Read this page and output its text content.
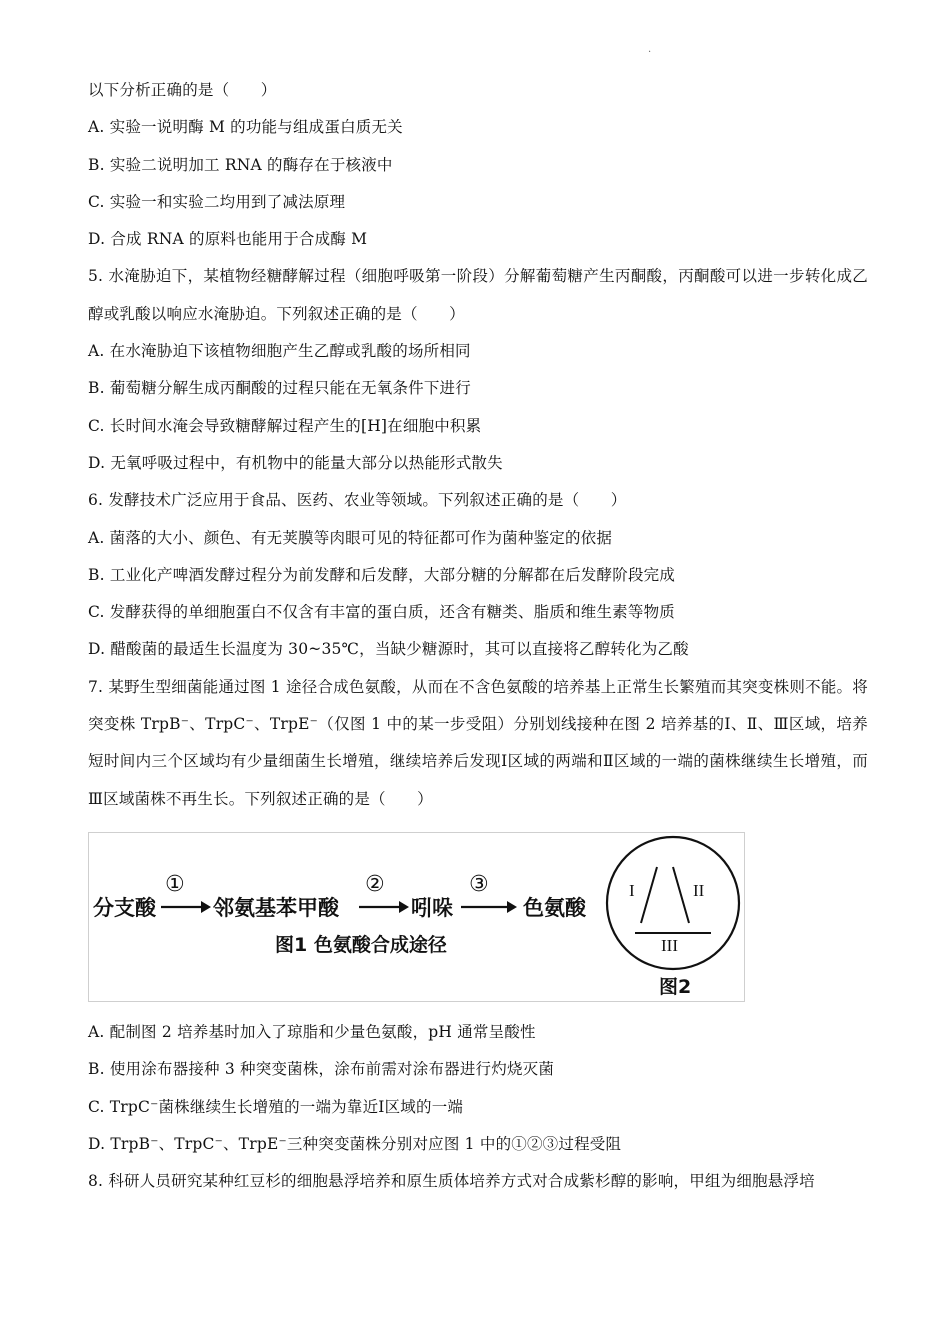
.
以下分析正确的是（　　）
A. 实验一说明酶 M 的功能与组成蛋白质无关
B. 实验二说明加工 RNA 的酶存在于核液中
C. 实验一和实验二均用到了减法原理
D. 合成 RNA 的原料也能用于合成酶 M
5. 水淹胁迫下，某植物经糖酵解过程（细胞呼吸第一阶段）分解葡萄糖产生丙酮酸，丙酮酸可以进一步转化成乙醇或乳酸以响应水淹胁迫。下列叙述正确的是（　　）
A. 在水淹胁迫下该植物细胞产生乙醇或乳酸的场所相同
B. 葡萄糖分解生成丙酮酸的过程只能在无氧条件下进行
C. 长时间水淹会导致糖酵解过程产生的[H]在细胞中积累
D. 无氧呼吸过程中，有机物中的能量大部分以热能形式散失
6. 发酵技术广泛应用于食品、医药、农业等领域。下列叙述正确的是（　　）
A. 菌落的大小、颜色、有无荚膜等肉眼可见的特征都可作为菌种鉴定的依据
B. 工业化产啤酒发酵过程分为前发酵和后发酵，大部分糖的分解都在后发酵阶段完成
C. 发酵获得的单细胞蛋白不仅含有丰富的蛋白质，还含有糖类、脂质和维生素等物质
D. 醋酸菌的最适生长温度为 30~35℃，当缺少糖源时，其可以直接将乙醇转化为乙酸
7. 某野生型细菌能通过图 1 途径合成色氨酸，从而在不含色氨酸的培养基上正常生长繁殖而其突变株则不能。将突变株 TrpB⁻、TrpC⁻、TrpE⁻（仅图 1 中的某一步受阻）分别划线接种在图 2 培养基的Ⅰ、Ⅱ、Ⅲ区域，培养短时间内三个区域均有少量细菌生长增殖，继续培养后发现Ⅰ区域的两端和Ⅱ区域的一端的菌株继续生长增殖，而Ⅲ区域菌株不再生长。下列叙述正确的是（　　）
分支酸
①
邻氨基苯甲酸
②
吲哚
③
色氨酸
图1 色氨酸合成途径
I	II
III
图2
A. 配制图 2 培养基时加入了琼脂和少量色氨酸，pH 通常呈酸性
B. 使用涂布器接种 3 种突变菌株，涂布前需对涂布器进行灼烧灭菌
C. TrpC⁻菌株继续生长增殖的一端为靠近Ⅰ区域的一端
D. TrpB⁻、TrpC⁻、TrpE⁻三种突变菌株分别对应图 1 中的①②③过程受阻
8. 科研人员研究某种红豆杉的细胞悬浮培养和原生质体培养方式对合成紫杉醇的影响，甲组为细胞悬浮培
